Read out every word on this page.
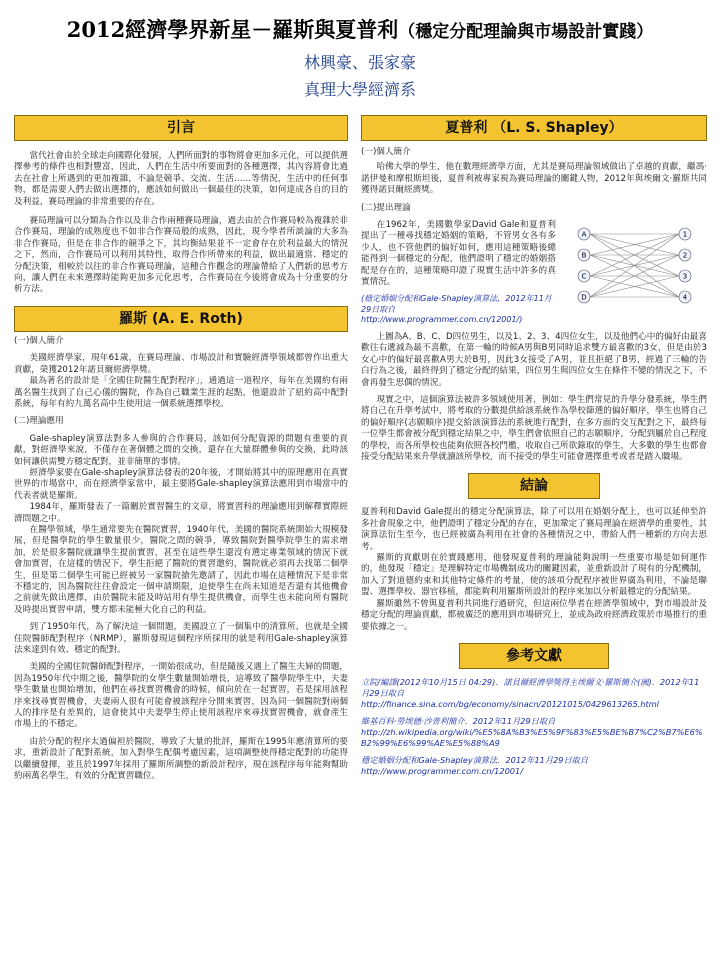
2012經濟學界新星－羅斯與夏普利（穩定分配理論與市場設計實踐）
林興豪、張家豪
真理大學經濟系
引言

當代社會由於全球走向國際化發展，人們所面對的事物將會更加多元化，可以提供選擇參考的條件也相對豐富，因此，人們在生活中所要面對的各種選擇，其內容將會比過去在社會上所遇到的更加複雜，不論是競爭、交流、生活……等情況，生活中的任何事物，都是需要人們去做出選擇的，應該如何做出一個最佳的決策，如何達成各自的目的及利益，賽局理論的非常重要的存在。

賽局理論可以分類為合作以及非合作兩種賽局理論，過去由於合作賽局較為複雜於非合作賽局，理論的成熟度也不如非合作賽局般的成熟，因此，現今學者所談論的大多為非合作賽局，但是在非合作的競爭之下，其均衡結果並不一定會存在於利益最大的情況之下，然而，合作賽局可以利用其特性，取得合作所帶來的利益，做出最適當、穩定的分配決策，相較於以往的非合作賽局理論，這種合作觀念的理論帶給了人們新的思考方向，讓人們在未來選擇時能夠更加多元化思考，合作賽局在今後將會成為十分重要的分析方法。

羅斯 (A. E. Roth)

(一)個人簡介

美國經濟學家，現年61歲，在賽局理論、市場設計和實驗經濟學領域都曾作出重大貢獻，榮獲2012年諾貝爾經濟學獎。

最為著名的設計是「全國住院醫生配對程序」，通過這一道程序，每年在美國約有兩萬名醫生找到了自己心儀的醫院，作為自己職業生涯的起點，他還設計了紐約高中配對系統，每年有約九萬名高中生使用這一個系統選擇學校。

(二)理論應用

Gale-shapley演算法對多人參與的合作賽局，該如何分配資源的問題有重要的貢獻，對經濟學來說，不僅存在著個體之間的交換，還存在大量群體參與的交換，此時該如何讓供需雙方穩定配對，並非簡單的事情。

經濟學家要在Gale-shapley演算法發表的20年後，才開始將其中的原理應用在真實世界的市場當中，而在經濟學家當中，最主要將Gale-shapley演算法應用到市場當中的代表者就是羅斯。

1984年，羅斯發表了一篇關於實習醫生的文章，將實習科的理論應用到解釋實際經濟問題之中。

在醫學領域，學生通常要先在醫院實習，1940年代，美國的醫院系統開始大規模發展，但是醫學院的學生數量很少，醫院之間的競爭，導致醫院對醫學院學生的需求增加，於是很多醫院就讓學生提前實習，甚至在這些學生還沒有選定專業領域的情況下就會加實習，在這樣的情況下，學生拒絕了醫院的實習邀約，醫院就必須再去找第二個學生，但是第二個學生可能已經被另一家醫院搶先邀請了，因此市場在這種情況下是非常不穩定的，因為醫院往往會設定一個申請期限，迫使學生在尚未知道是否還有其他機會之前就先做出選擇，由於醫院未能及時站用有學生提供機會，而學生也未能向所有醫院及時提出實習申請，雙方都未能極大化自己的利益。

到了1950年代，為了解決這一個問題，美國設立了一個集中的清算所，也就是全國住院醫師配對程序（NRMP），羅斯發現這個程序所採用的就是利用Gale-shapley演算法來達到有效、穩定的配對。

美國的全國住院醫師配對程序，一開始很成功，但是隨後又遇上了醫生夫婦的問題，因為1950年代中期之後，醫學院的女學生數量開始增長，這導致了醫學院學生中，夫妻學生數量也開始增加，他們在尋找實習機會的時候，傾向於在一起實習，若是採用該程序來找尋實習機會，夫妻兩人很有可能會被該程序分開來實習，因為同一個醫院對兩個人的排序是有差異的，這會使其中夫妻學生停止使用該程序來尋找實習機會，就會產生市場上的不穩定。

由於分配的程序太過偏袒於醫院，導致了大量的批評，羅斯在1995年應清算所的要求，重新設計了配對系統，加入對學生配偶考慮因素，這項調整使得穩定配對的功能得以繼續發揮，並且於1997年採用了羅斯所調整的新設計程序，現在該程序每年能夠幫助約兩萬名學生，有效的分配實習職位。

夏普利 （L. S. Shapley）

(一)個人簡介

哈佛大學的學生，他在數理經濟學方面，尤其是賽局理論領域做出了卓越的貢獻，繼馮·諾伊曼和摩根斯坦後，夏普利被專家視為賽局理論的關鍵人物，2012年與埃爾文·羅斯共同獲得諾貝爾經濟獎。

(二)提出理論

在1962年，美國數學家David Gale和夏普利提出了一種尋找穩定婚姻的策略，不管男女各有多少人，也不管他們的偏好如何，應用這種策略後總能得到一個穩定的分配，他們證明了穩定的婚姻搭配是存在的，這種策略印證了現實生活中許多的真實情況。

(穩定婚姻分配和Gale-Shapley演算法，2012年11月29日取自

http://www.programmer.com.cn/12001/)

A
B
C
D
1
2
3
4

上圖為A、B、C、D四位男生，以及1、2、3、4四位女生，以及他們心中的偏好由最喜歡往右遞減為最不喜歡，在第一輪的時候A男與B男同時追求雙方最喜歡的3女，但是由於3女心中的偏好最喜歡A男大於B男，因此3女接受了A男，並且拒絕了B男，經過了三輪的告白行為之後，最終得到了穩定分配的結果，四位男生與四位女生在條件不變的情況之下，不會再發生思偶的情況。

現實之中，這個演算法被許多領域使用著，例如：學生們常見的升學分發系統，學生們將自己在升學考試中，將考取的分數提供給該系統作為學校篩選的偏好順序，學生也將自己的偏好順序(志願順序)提交給該演算法的系統進行配對，在多方面的交互配對之下，最終每一位學生都會被分配到穩定結果之中，學生們會依照自己的志願順序，分配到屬於自己程度的學校，而各所學校也能夠依照各校門檻，收取自己所欲錄取的學生，大多數的學生也都會接受分配結果來升學就讀該所學校，而不接受的學生可能會選擇重考或者是踏入職場。

結論

夏普利和David Gale提出的穩定分配演算法，除了可以用在婚姻分配上，也可以延伸至許多社會現象之中，他們證明了穩定分配的存在，更加鞏定了賽局理論在經濟學的重要性，其演算法衍生至今，也已經被廣為利用在社會的各種情況之中，帶給人們一種新的方向去思考。

羅斯的貢獻則在於實踐應用，他發現夏普利的理論能夠說明一些重要市場是如何運作的，他發現「穩定」是理解特定市場機制成功的關鍵因素，並重新設計了現有的分配機制，加入了對道德約束和其他特定條件的考量，使的該項分配程序被世界廣為利用，不論是聯盟、選擇學校、器官移植，都能夠利用羅斯所設計的程序來加以分析最穩定的分配結果。

羅斯雖然不曾與夏普利共同進行過研究，但這兩位學者在經濟學領域中，對市場設計及穩定分配的理論貢獻，都被廣泛的應用到市場研究上，並成為政府經濟政策於市場推行的重要依據之一。

參考文獻

立院/編譯(2012年10月15日 04:29)．諾貝爾經濟學獎得主埃爾文·羅斯簡介(圖)．2012年11月29日取自

http://finance.sina.com/bg/economy/sinacn/20121015/0429613265.html

維基百科·勞埃德·沙普利簡介．2012年11月29日取自

http://zh.wikipedia.org/wiki/%E5%8A%B3%E5%9F%83%E5%BE%B7%C2%B7%E6%B2%99%E6%99%AE%E5%88%A9

穩定婚姻分配和Gale-Shapley演算法．2012年11月29日取自

http://www.programmer.com.cn/12001/
